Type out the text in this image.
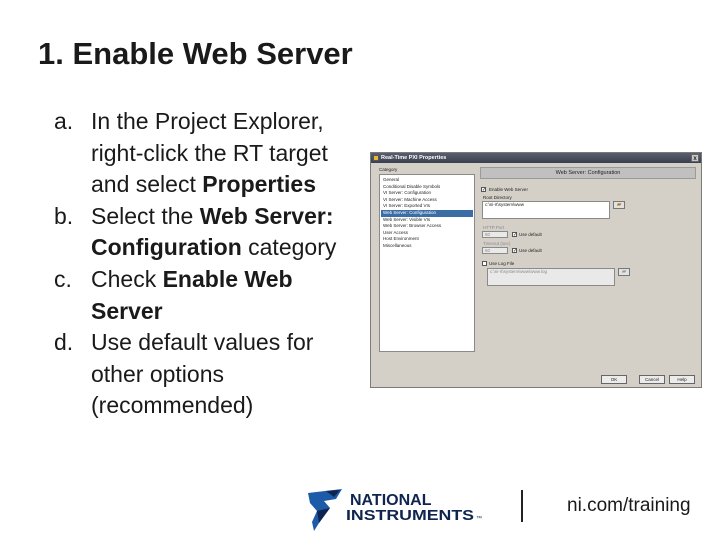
1. Enable Web Server
a. In the Project Explorer, right-click the RT target and select Properties
b. Select the Web Server: Configuration category
c. Check Enable Web Server
d. Use default values for other options (recommended)
Real-Time PXI Properties	x
Category
General
Conditional Disable Symbols
VI Server: Configuration
VI Server: Machine Access
VI Server: Exported VIs
Web Server: Configuration
Web Server: Visible VIs
Web Server: Browser Access
User Access
Host Environment
Miscellaneous
Web Server: Configuration
✓ Enable Web Server
Root Directory
c:\ni-rt\system\www	▰
HTTP Port
80	✓ Use default
Timeout (sec)
60	✓ Use default
Use Log File
c:\ni-rt\system\www\www.log	▰
OK	Cancel	Help
NATIONAL
INSTRUMENTS ™
ni.com/training
